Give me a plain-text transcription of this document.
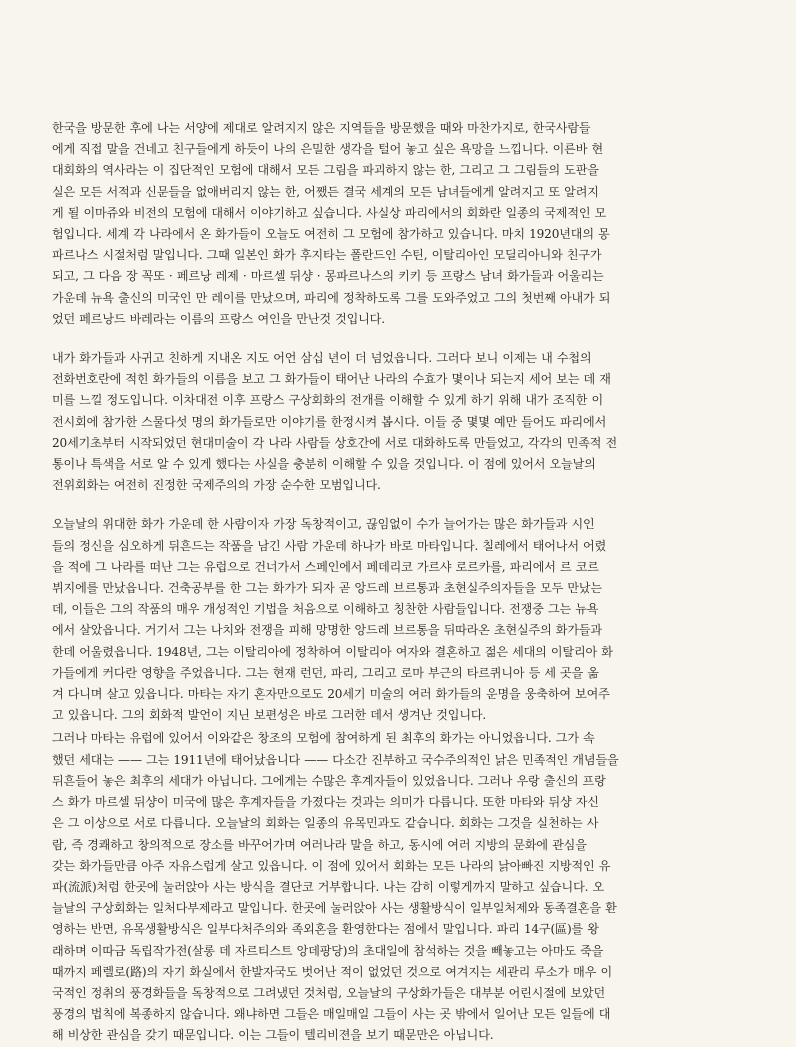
한국을 방문한 후에 나는 서양에 제대로 알려지지 않은 지역들을 방문했을 때와 마찬가지로, 한국사람들
에게 직접 말을 건네고 친구들에게 하듯이 나의 은밀한 생각을 털어 놓고 싶은 욕망을 느낍니다. 이른바 현
대회화의 역사라는 이 집단적인 모험에 대해서 모든 그림을 파괴하지 않는 한, 그리고 그 그림들의 도판을
실은 모든 서적과 신문들을 없애버리지 않는 한, 어쨌든 결국 세계의 모든 남녀들에게 알려지고 또 알려지
게 될 이마쥬와 비전의 모험에 대해서 이야기하고 싶습니다. 사실상 파리에서의 회화란 일종의 국제적인 모
험입니다. 세계 각 나라에서 온 화가들이 오늘도 여전히 그 모험에 참가하고 있습니다. 마치 1920년대의 몽
파르나스 시절처럼 말입니다. 그때 일본인 화가 후지타는 폴란드인 수틴, 이탈리아인 모딜리아니와 친구가
되고, 그 다음 장 꼭또 · 페르낭 레제 · 마르셀 뒤샹 · 몽파르나스의 키키 등 프랑스 남녀 화가들과 어울리는
가운데 뉴욕 출신의 미국인 만 레이를 만났으며, 파리에 정착하도록 그를 도와주었고 그의 첫번째 아내가 되
었던 페르낭드 바레라는 이름의 프랑스 여인을 만난것 것입니다.
내가 화가들과 사귀고 친하게 지내온 지도 어언 삼십 년이 더 넘었읍니다. 그러다 보니 이제는 내 수첩의
전화번호란에 적힌 화가들의 이름을 보고 그 화가들이 태어난 나라의 수효가 몇이나 되는지 세어 보는 데 재
미를 느낄 정도입니다. 이차대전 이후 프랑스 구상회화의 전개를 이해할 수 있게 하기 위해 내가 조직한 이
전시회에 참가한 스물다섯 명의 화가들로만 이야기를 한정시켜 봅시다. 이들 중 몇몇 예만 들어도 파리에서
20세기초부터 시작되었던 현대미술이 각 나라 사람들 상호간에 서로 대화하도록 만들었고, 각각의 민족적 전
통이나 특색을 서로 알 수 있게 했다는 사실을 충분히 이해할 수 있을 것입니다. 이 점에 있어서 오늘날의
전위회화는 여전히 진정한 국제주의의 가장 순수한 모범입니다.
오늘날의 위대한 화가 가운데 한 사람이자 가장 독창적이고, 끊임없이 수가 늘어가는 많은 화가들과 시인
들의 정신을 심오하게 뒤흔드는 작품을 남긴 사람 가운데 하나가 바로 마타입니다. 칠레에서 태어나서 어렸
을 적에 그 나라를 떠난 그는 유럽으로 건너가서 스페인에서 페데리코 가르샤 로르카를, 파리에서 르 코르
뷔지에를 만났읍니다. 건축공부를 한 그는 화가가 되자 곧 앙드레 브르통과 초현실주의자들을 모두 만났는
데, 이들은 그의 작품의 매우 개성적인 기법을 처음으로 이해하고 칭찬한 사람들입니다. 전쟁중 그는 뉴욕
에서 살았읍니다. 거기서 그는 나치와 전쟁을 피해 망명한 앙드레 브르통을 뒤따라온 초현실주의 화가들과
한데 어울렸읍니다. 1948년, 그는 이탈리아에 정착하여 이탈리아 여자와 결혼하고 젊은 세대의 이탈리아 화
가들에게 커다란 영향을 주었읍니다. 그는 현재 런던, 파리, 그리고 로마 부근의 타르퀴니아 등 세 곳을 옮
겨 다니며 살고 있읍니다. 마타는 자기 혼자만으로도 20세기 미술의 여러 화가들의 운명을 웅축하여 보여주
고 있읍니다. 그의 회화적 발언이 지닌 보편성은 바로 그러한 데서 생겨난 것입니다.
그러나 마타는 유럽에 있어서 이와같은 창조의 모험에 참여하게 된 최후의 화가는 아니었읍니다. 그가 속
했던 세대는 —— 그는 1911년에 태어났읍니다 —— 다소간 진부하고 국수주의적인 낡은 민족적인 개념들을
뒤흔들어 놓은 최후의 세대가 아닙니다. 그에게는 수많은 후계자들이 있었읍니다. 그러나 우랑 출신의 프랑
스 화가 마르셀 뒤샹이 미국에 많은 후계자들을 가졌다는 것과는 의미가 다릅니다. 또한 마타와 뒤샹 자신
은 그 이상으로 서로 다릅니다. 오늘날의 회화는 일종의 유목민과도 같습니다. 회화는 그것을 실천하는 사
람, 즉 경쾌하고 창의적으로 장소를 바꾸어가며 여러나라 말을 하고, 동시에 여러 지방의 문화에 관심을
갖는 화가들만큼 아주 자유스럽게 살고 있읍니다. 이 점에 있어서 회화는 모든 나라의 낡아빠진 지방적인 유
파(流派)처럼 한곳에 눌러앉아 사는 방식을 결단코 거부합니다. 나는 감히 이렇게까지 말하고 싶습니다. 오
늘날의 구상회화는 일처다부제라고 말입니다. 한곳에 눌러앉아 사는 생활방식이 일부일처제와 동족결혼을 환
영하는 반면, 유목생활방식은 일부다처주의와 족외혼을 환영한다는 점에서 말입니다. 파리 14구(區)를 왕
래하며 이따금 독립작가전(살롱 데 자르티스트 앙데팡당)의 초대일에 참석하는 것을 빼놓고는 아마도 죽을
때까지 페렐로(路)의 자기 화실에서 한발자국도 벗어난 적이 없었던 것으로 여겨지는 세관리 루소가 매우 이
국적인 정취의 풍경화들을 독창적으로 그려냈던 것처럼, 오늘날의 구상화가들은 대부분 어린시절에 보았던
풍경의 법칙에 복종하지 않습니다. 왜냐하면 그들은 매일매일 그들이 사는 곳 밖에서 일어난 모든 일들에 대
해 비상한 관심을 갖기 때문입니다. 이는 그들이 텔리비젼을 보기 때문만은 아닙니다.
